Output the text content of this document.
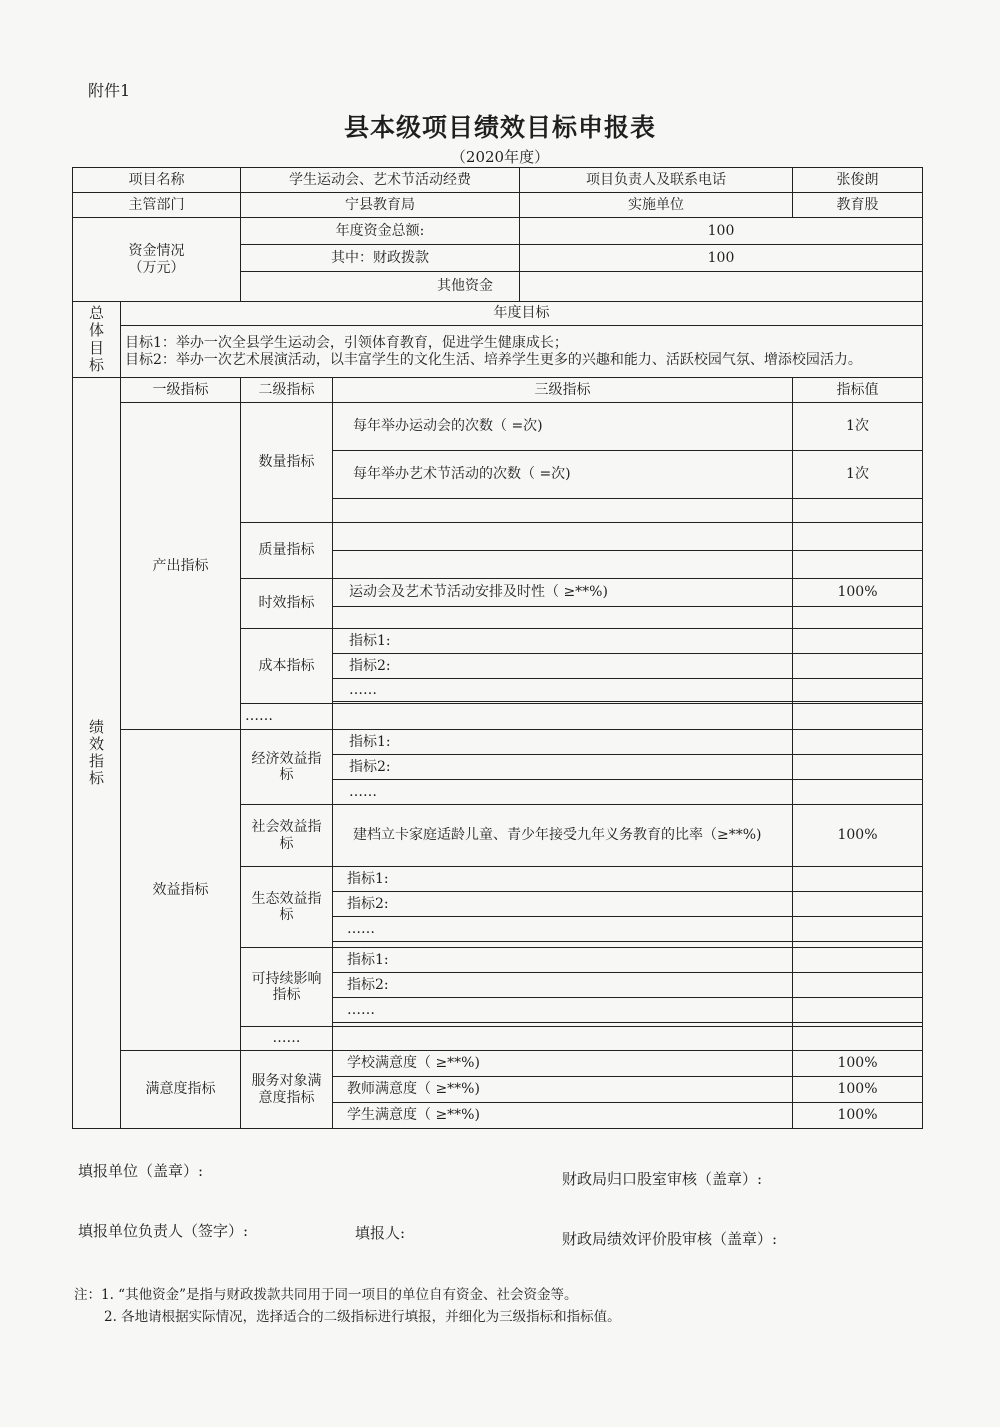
附件1
县本级项目绩效目标申报表
（2020年度）
项目名称		学生运动会、艺术节活动经费		项目负责人及联系电话	张俊朗
主管部门		宁县教育局		实施单位	教育股

资金情况
（万元）		年度资金总额:		100	
		其中：财政拨款		100	
		其他资金			

总
体
目
标	年度目标				

	目标1：举办一次全县学生运动会，引领体育教育，促进学生健康成长；
目标2：举办一次艺术展演活动，以丰富学生的文化生活、培养学生更多的兴趣和能力、活跃校园气氛、增添校园活力。				

绩
效
指
标	一级指标	二级指标	三级指标		指标值
	产出指标	数量指标	每年举办运动会的次数（ =次)		1次
			每年举办艺术节活动的次数（ =次)		1次

		质量指标			

		时效指标	运动会及艺术节活动安排及时性（ ≥**%)		100%

		成本指标	指标1:		
			指标2:		
			……		

		……			
	效益指标	经济效益指标	指标1:		
			指标2:		
			……		
		社会效益指标	建档立卡家庭适龄儿童、青少年接受九年义务教育的比率（≥**%)		100%
		生态效益指标	指标1:		
			指标2:		
			……		

		可持续影响指标	指标1:		
			指标2:		
			……		

		……			
	满意度指标	服务对象满意度指标	学校满意度（ ≥**%)		100%
			教师满意度（ ≥**%)		100%
			学生满意度（ ≥**%)		100%
填报单位（盖章）:	财政局归口股室审核（盖章）:
填报单位负责人（签字）:	填报人:	财政局绩效评价股审核（盖章）:
注：1. “其他资金”是指与财政拨款共同用于同一项目的单位自有资金、社会资金等。
2. 各地请根据实际情况，选择适合的二级指标进行填报，并细化为三级指标和指标值。
